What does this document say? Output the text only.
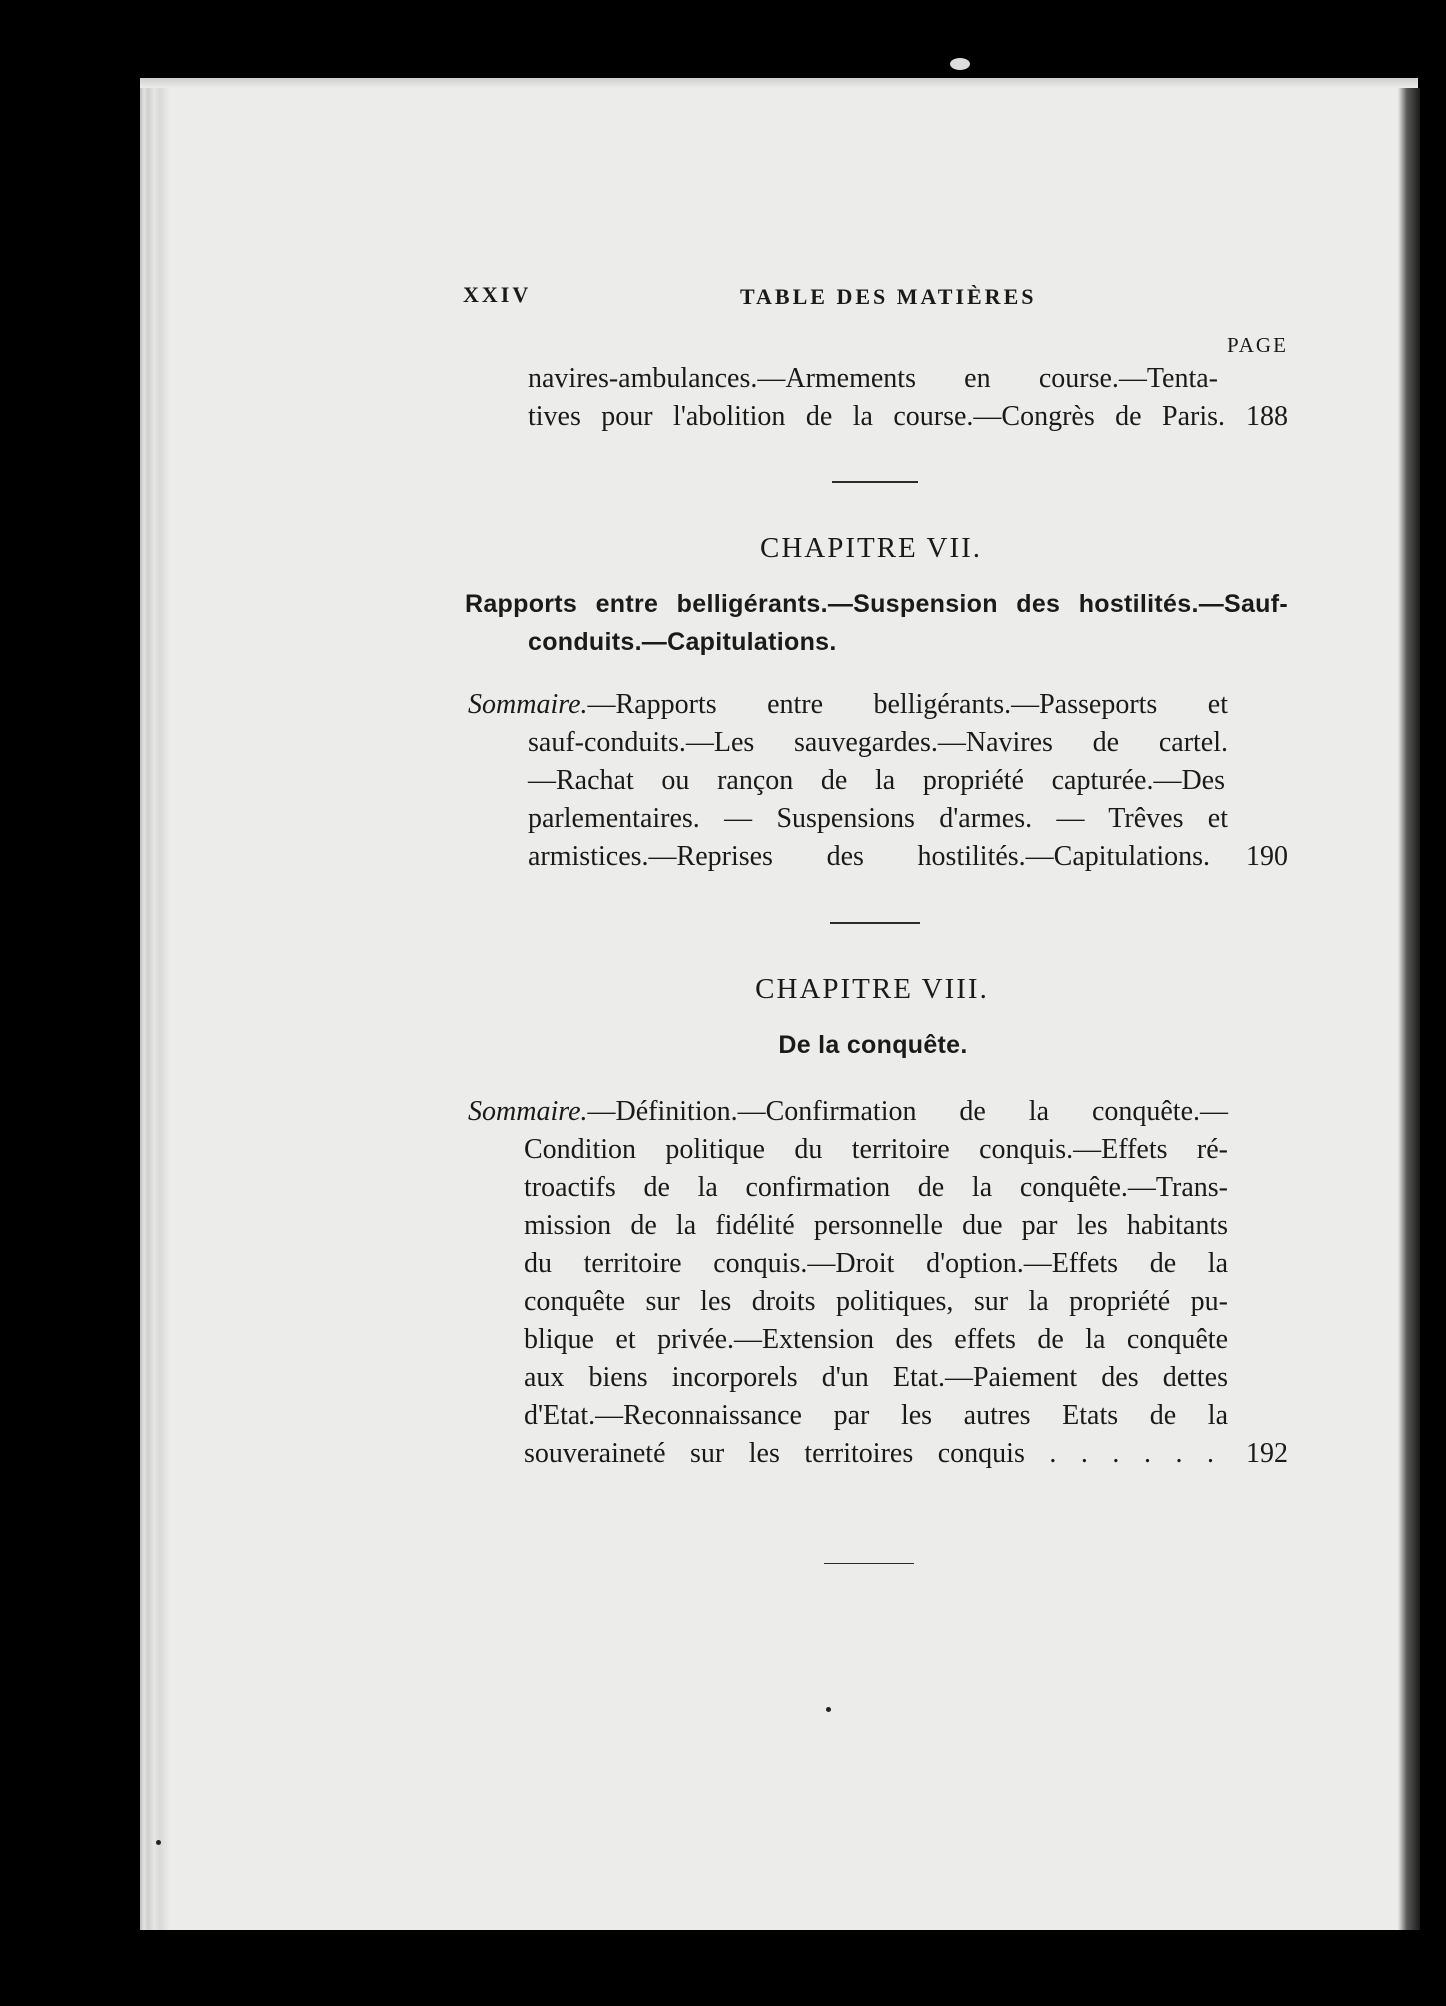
XXIV	TABLE DES MATIÈRES
PAGE
navires-ambulances.—Armements en course.—Tenta-
tives pour l'abolition de la course.—Congrès de Paris. 188
CHAPITRE VII.
Rapports entre belligérants.—Suspension des hostilités.—Sauf-
conduits.—Capitulations.
Sommaire. —Rapports entre belligérants.—Passeports et
sauf-conduits.—Les sauvegardes.—Navires de cartel.
—Rachat ou rançon de la propriété capturée.—Des
parlementaires. — Suspensions d'armes. — Trêves et
armistices.—Reprises des hostilités.—Capitulations.	190
CHAPITRE VIII.
De la conquête.
Sommaire. —Définition.—Confirmation de la conquête.—
Condition politique du territoire conquis.—Effets ré-
troactifs de la confirmation de la conquête.—Trans-
mission de la fidélité personnelle due par les habitants
du territoire conquis.—Droit d'option.—Effets de la
conquête sur les droits politiques, sur la propriété pu-
blique et privée.—Extension des effets de la conquête
aux biens incorporels d'un Etat.—Paiement des dettes
d'Etat.—Reconnaissance par les autres Etats de la
souveraineté sur les territoires conquis . . . . . .	192
